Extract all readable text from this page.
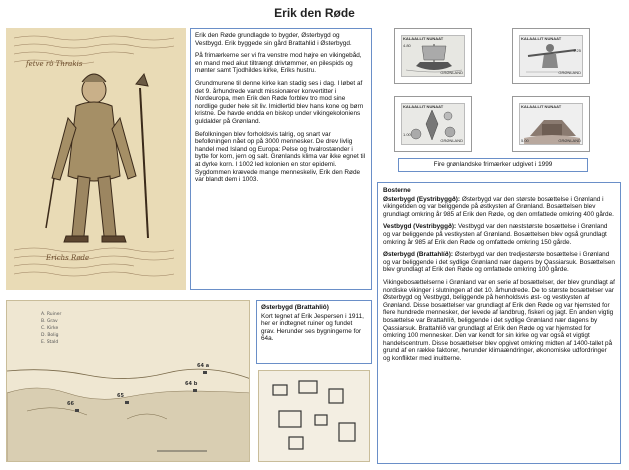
Erik den Røde
fetve rò Thrakis
Erichs Røde

Erik den Røde grundlagde to bygder, Østerbygd og Vestbygd. Erik byggede sin gård Brattahlid i Østerbygd.

På frimærkerne ser vi fra venstre mod højre en vikingebåd, en mand med akut tiltrængt drivtømmer, en pilespids og mønter samt Tjodhildes kirke, Eriks hustru.

Grundmurene til denne kirke kan stadig ses i dag. I løbet af det 9. århundrede vandt missionærer konvertitter i Nordeuropa, men Erik den Røde forblev tro mod sine nordlige guder hele sit liv. Imidlertid blev hans kone og børn kristne. De havde endda en biskop under vikingekoloniens guldalder på Grønland.

Befolkningen blev forholdsvis talrig, og snart var befolkningen nået op på 3000 mennesker. De drev livlig handel med Island og Europa: Pelse og hvalrostænder i bytte for korn, jern og salt. Grønlands klima var ikke egnet til at dyrke korn. I 1002 led kolonien en stor epidemi. Sygdommen krævede mange menneskeliv, Erik den Røde var blandt dem i 1003.

KALAALLIT NUNAAT
4.80
GRØNLAND
KALAALLIT NUNAAT
4.25
GRØNLAND
KALAALLIT NUNAAT
1.00
GRØNLAND
KALAALLIT NUNAAT
5.00	GRØNLAND
Fire grønlandske frimærker udgivet i 1999

Bosterne

Østerbygd (Eystribyggð): Østerbygd var den største bosættelse i Grønland i vikingetiden og var beliggende på østkysten af Grønland. Bosættelsen blev grundlagt omkring år 985 af Erik den Røde, og den omfattede omkring 400 gårde.

Vestbygd (Vestribyggð): Vestbygd var den næststørste bosættelse i Grønland og var beliggende på vestkysten af Grønland. Bosættelsen blev også grundlagt omkring år 985 af Erik den Røde og omfattede omkring 150 gårde.

Østerbygd (Brattahlíð): Østerbygd var den tredjestørste bosættelse i Grønland og var beliggende i det sydlige Grønland nær dagens by Qassiarsuk. Bosættelsen blev grundlagt af Erik den Røde og omfattede omkring 100 gårde.

Vikingebosættelserne i Grønland var en serie af bosættelser, der blev grundlagt af nordiske vikinger i slutningen af det 10. århundrede. De to største bosættelser var Østerbygd og Vestbygd, beliggende på henholdsvis øst- og vestkysten af Grønland. Disse bosættelser var grundlagt af Erik den Røde og var hjemsted for flere hundrede mennesker, der levede af landbrug, fiskeri og jagt. En anden vigtig bosættelse var Brattahlíð, beliggende i det sydlige Grønland nær dagens by Qassiarsuk. Brattahlíð var grundlagt af Erik den Røde og var hjemsted for omkring 100 mennesker. Den var kendt for sin kirke og var også et vigtigt handelscentrum. Disse bosættelser blev opgivet omkring midten af 1400-tallet på grund af en række faktorer, herunder klimaændringer, økonomiske udfordringer og konflikter med inuitterne.

A. Ruiner
B. Grav
C. Kirke
D. Bolig
E. Stald
64 a
64 b
65
66

Østerbygd (Brattahliô)

Kort tegnet af Erik Jespersen i 1911, her er indtegnet ruiner og fundet grav. Herunder ses bygningerne for 64a.
